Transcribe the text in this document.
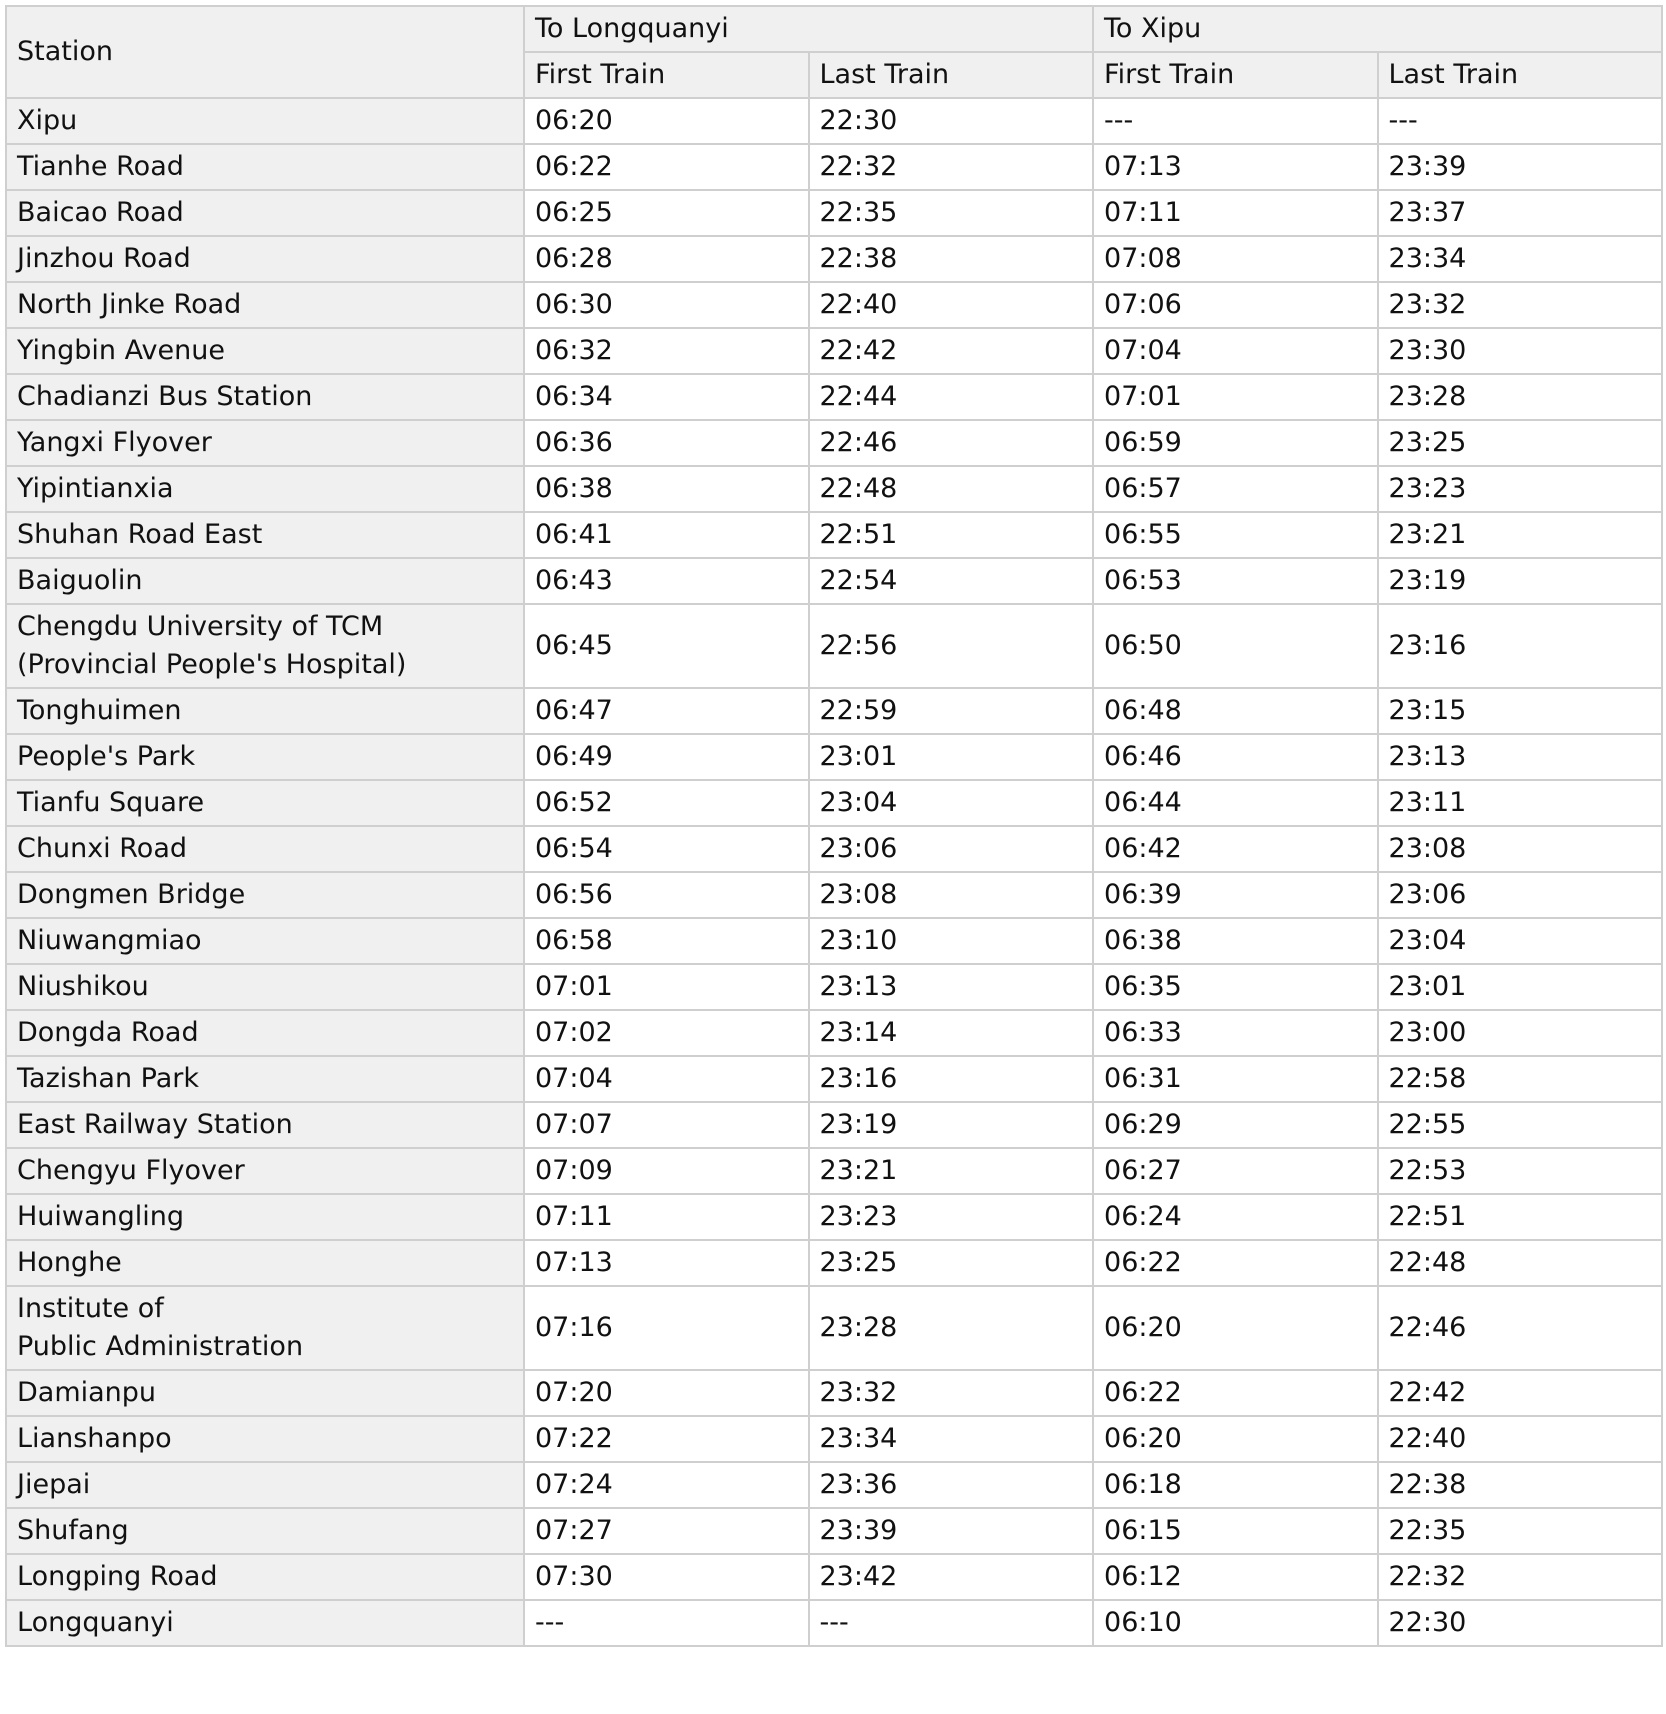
Station	To Longquanyi		To Xipu	
	First Train	Last Train	First Train	Last Train

Xipu	06:20	22:30	---	---

Tianhe Road	06:22	22:32	07:13	23:39

Baicao Road	06:25	22:35	07:11	23:37

Jinzhou Road	06:28	22:38	07:08	23:34

North Jinke Road	06:30	22:40	07:06	23:32

Yingbin Avenue	06:32	22:42	07:04	23:30

Chadianzi Bus Station	06:34	22:44	07:01	23:28

Yangxi Flyover	06:36	22:46	06:59	23:25

Yipintianxia	06:38	22:48	06:57	23:23

Shuhan Road East	06:41	22:51	06:55	23:21

Baiguolin	06:43	22:54	06:53	23:19

Chengdu University of TCM
(Provincial People's Hospital)	06:45	22:56	06:50	23:16

Tonghuimen	06:47	22:59	06:48	23:15

People's Park	06:49	23:01	06:46	23:13

Tianfu Square	06:52	23:04	06:44	23:11

Chunxi Road	06:54	23:06	06:42	23:08

Dongmen Bridge	06:56	23:08	06:39	23:06

Niuwangmiao	06:58	23:10	06:38	23:04

Niushikou	07:01	23:13	06:35	23:01

Dongda Road	07:02	23:14	06:33	23:00

Tazishan Park	07:04	23:16	06:31	22:58

East Railway Station	07:07	23:19	06:29	22:55

Chengyu Flyover	07:09	23:21	06:27	22:53

Huiwangling	07:11	23:23	06:24	22:51

Honghe	07:13	23:25	06:22	22:48

Institute of
Public Administration	07:16	23:28	06:20	22:46

Damianpu	07:20	23:32	06:22	22:42

Lianshanpo	07:22	23:34	06:20	22:40

Jiepai	07:24	23:36	06:18	22:38

Shufang	07:27	23:39	06:15	22:35

Longping Road	07:30	23:42	06:12	22:32

Longquanyi	---	---	06:10	22:30
